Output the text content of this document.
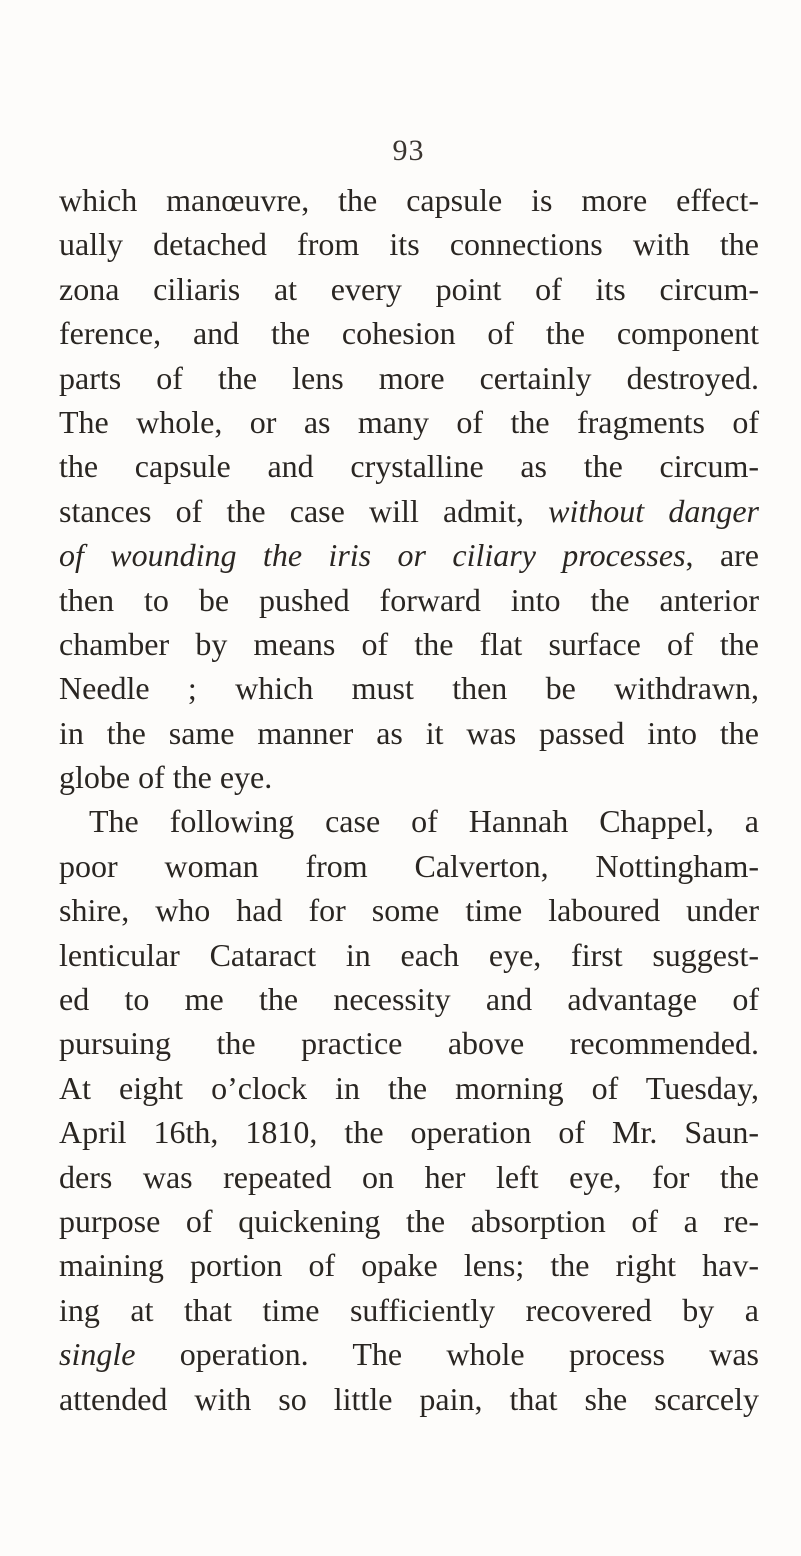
93
which manœuvre, the capsule is more effect-
ually detached from its connections with the
zona ciliaris at every point of its circum-
ference, and the cohesion of the component
parts of the lens more certainly destroyed.
The whole, or as many of the fragments of
the capsule and crystalline as the circum-
stances of the case will admit, without danger
of wounding the iris or ciliary processes, are
then to be pushed forward into the anterior
chamber by means of the flat surface of the
Needle ; which must then be withdrawn,
in the same manner as it was passed into the
globe of the eye.
The following case of Hannah Chappel, a
poor woman from Calverton, Nottingham-
shire, who had for some time laboured under
lenticular Cataract in each eye, first suggest-
ed to me the necessity and advantage of
pursuing the practice above recommended.
At eight o’clock in the morning of Tuesday,
April 16th, 1810, the operation of Mr. Saun-
ders was repeated on her left eye, for the
purpose of quickening the absorption of a re-
maining portion of opake lens; the right hav-
ing at that time sufficiently recovered by a
single operation. The whole process was
attended with so little pain, that she scarcely
